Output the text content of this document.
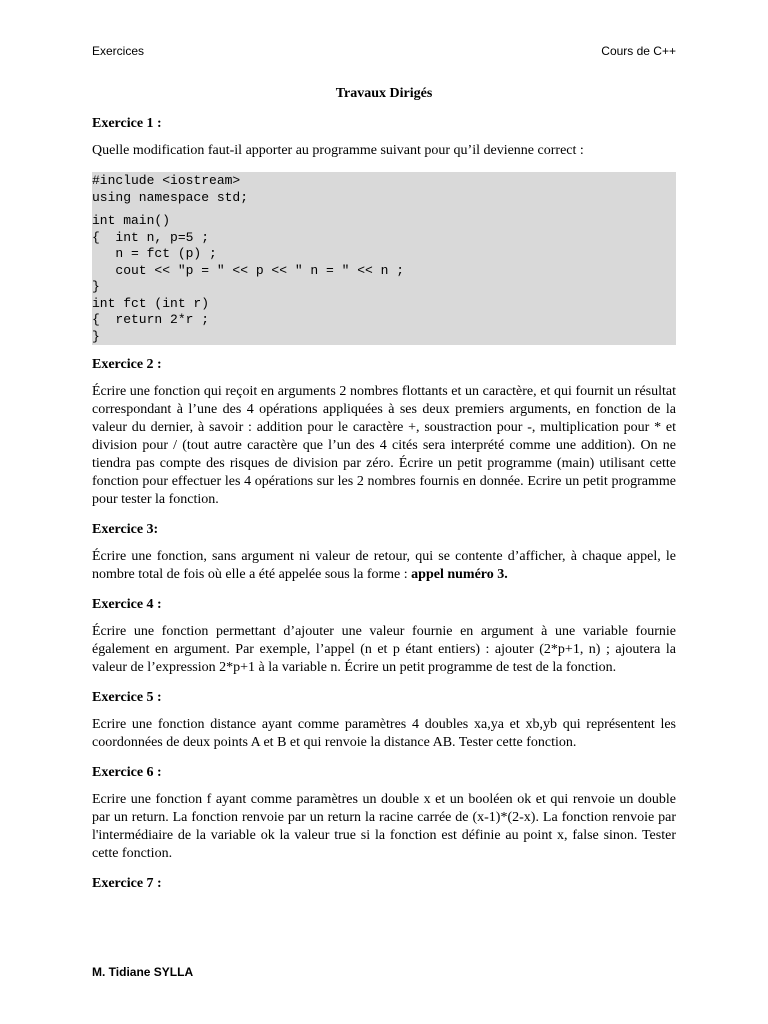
Exercices	Cours de C++
Travaux Dirigés
Exercice 1 :
Quelle modification faut-il apporter au programme suivant pour qu’il devienne correct :
#include <iostream>
using namespace std;
int main()
{  int n, p=5 ;
n = fct (p) ;
cout << "p = " << p << " n = " << n ;
}
int fct (int r)
{  return 2*r ;
}
Exercice 2 :
Écrire une fonction qui reçoit en arguments 2 nombres flottants et un caractère, et qui fournit un résultat correspondant à l’une des 4 opérations appliquées à ses deux premiers arguments, en fonction de la valeur du dernier, à savoir : addition pour le caractère +, soustraction pour -, multiplication pour * et division pour / (tout autre caractère que l’un des 4 cités sera interprété comme une addition). On ne tiendra pas compte des risques de division par zéro. Écrire un petit programme (main) utilisant cette fonction pour effectuer les 4 opérations sur les 2 nombres fournis en donnée. Ecrire un petit programme pour tester la fonction.
Exercice 3:
Écrire une fonction, sans argument ni valeur de retour, qui se contente d’afficher, à chaque appel, le nombre total de fois où elle a été appelée sous la forme : appel numéro 3.
Exercice 4 :
Écrire une fonction permettant d’ajouter une valeur fournie en argument à une variable fournie également en argument. Par exemple, l’appel (n et p étant entiers) : ajouter (2*p+1, n) ; ajoutera la valeur de l’expression 2*p+1 à la variable n. Écrire un petit programme de test de la fonction.
Exercice 5 :
Ecrire une fonction distance ayant comme paramètres 4 doubles xa,ya et xb,yb qui représentent les coordonnées de deux points A et B et qui renvoie la distance AB. Tester cette fonction.
Exercice 6 :
Ecrire une fonction f ayant comme paramètres un double x et un booléen ok et qui renvoie un double par un return. La fonction renvoie par un return la racine carrée de (x-1)*(2-x). La fonction renvoie par l'intermédiaire de la variable ok la valeur true si la fonction est définie au point x, false sinon. Tester cette fonction.
Exercice 7 :
M. Tidiane SYLLA
